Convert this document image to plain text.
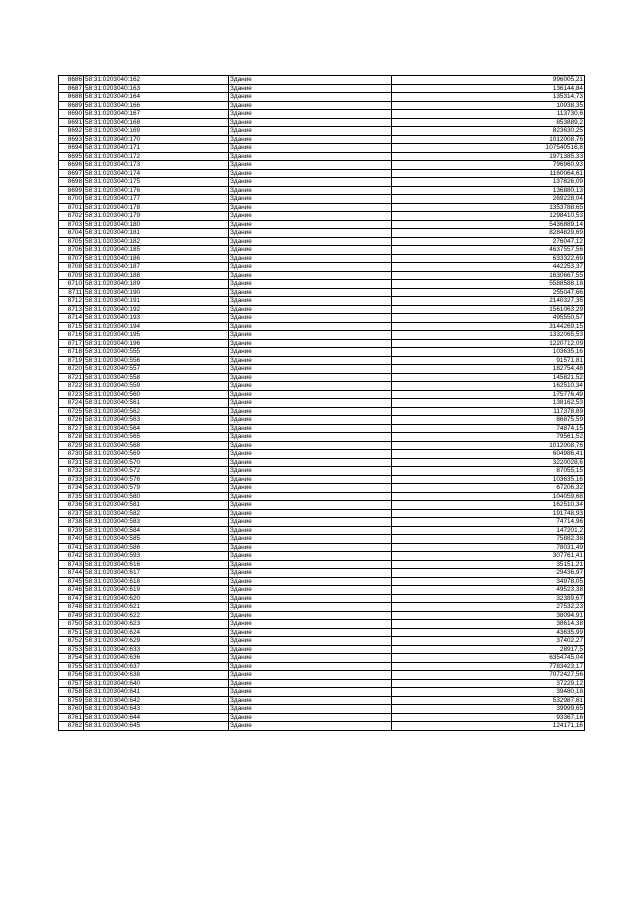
8686	58:31:0203040:162	Здание	996005,21
8687	58:31:0203040:163	Здание	136144,84
8688	58:31:0203040:164	Здание	135314,73
8689	58:31:0203040:166	Здание	10938,35
8690	58:31:0203040:167	Здание	113730,6
8691	58:31:0203040:168	Здание	853889,2
8692	58:31:0203040:169	Здание	823630,25
8693	58:31:0203040:170	Здание	1012008,76
8694	58:31:0203040:171	Здание	107540516,8
8695	58:31:0203040:172	Здание	1971385,33
8696	58:31:0203040:173	Здание	796960,93
8697	58:31:0203040:174	Здание	1160064,61
8698	58:31:0203040:175	Здание	137826,09
8699	58:31:0203040:176	Здание	136880,13
8700	58:31:0203040:177	Здание	269228,04
8701	58:31:0203040:178	Здание	1353788,65
8702	58:31:0203040:179	Здание	1298410,53
8703	58:31:0203040:180	Здание	5436889,14
8704	58:31:0203040:181	Здание	8284829,69
8705	58:31:0203040:182	Здание	276047,12
8706	58:31:0203040:185	Здание	4637557,56
8707	58:31:0203040:186	Здание	633322,69
8708	58:31:0203040:187	Здание	442253,37
8709	58:31:0203040:188	Здание	1630667,55
8710	58:31:0203040:189	Здание	5588588,18
8711	58:31:0203040:190	Здание	255047,66
8712	58:31:0203040:191	Здание	2140327,35
8713	58:31:0203040:192	Здание	1561063,29
8714	58:31:0203040:193	Здание	495550,57
8715	58:31:0203040:194	Здание	3144269,15
8716	58:31:0203040:195	Здание	1332065,53
8717	58:31:0203040:196	Здание	1220712,09
8718	58:31:0203040:555	Здание	103635,16
8719	58:31:0203040:556	Здание	91571,81
8720	58:31:0203040:557	Здание	182754,48
8721	58:31:0203040:558	Здание	145821,52
8722	58:31:0203040:559	Здание	162510,34
8723	58:31:0203040:560	Здание	175776,49
8724	58:31:0203040:561	Здание	138162,53
8725	58:31:0203040:562	Здание	117378,89
8726	58:31:0203040:563	Здание	86875,59
8727	58:31:0203040:564	Здание	74874,15
8728	58:31:0203040:565	Здание	79561,52
8729	58:31:0203040:568	Здание	1012008,76
8730	58:31:0203040:569	Здание	604986,41
8731	58:31:0203040:570	Здание	3220028,6
8732	58:31:0203040:572	Здание	87055,15
8733	58:31:0203040:576	Здание	103635,16
8734	58:31:0203040:579	Здание	67206,32
8735	58:31:0203040:580	Здание	104059,68
8736	58:31:0203040:581	Здание	162510,34
8737	58:31:0203040:582	Здание	191748,93
8738	58:31:0203040:583	Здание	74714,96
8739	58:31:0203040:584	Здание	147201,2
8740	58:31:0203040:585	Здание	75882,38
8741	58:31:0203040:586	Здание	78031,49
8742	58:31:0203040:593	Здание	307761,41
8743	58:31:0203040:616	Здание	35151,21
8744	58:31:0203040:617	Здание	29436,97
8745	58:31:0203040:618	Здание	34978,05
8746	58:31:0203040:619	Здание	49523,38
8747	58:31:0203040:620	Здание	32389,67
8748	58:31:0203040:621	Здание	27532,23
8749	58:31:0203040:622	Здание	38094,91
8750	58:31:0203040:623	Здание	38614,38
8751	58:31:0203040:624	Здание	43635,99
8752	58:31:0203040:629	Здание	37402,27
8753	58:31:0203040:633	Здание	28917,5
8754	58:31:0203040:636	Здание	6354745,04
8755	58:31:0203040:637	Здание	7783423,17
8756	58:31:0203040:638	Здание	7072427,56
8757	58:31:0203040:640	Здание	37229,12
8758	58:31:0203040:641	Здание	39480,18
8759	58:31:0203040:642	Здание	532987,61
8760	58:31:0203040:643	Здание	39999,65
8761	58:31:0203040:644	Здание	93367,16
8762	58:31:0203040:645	Здание	124171,16
